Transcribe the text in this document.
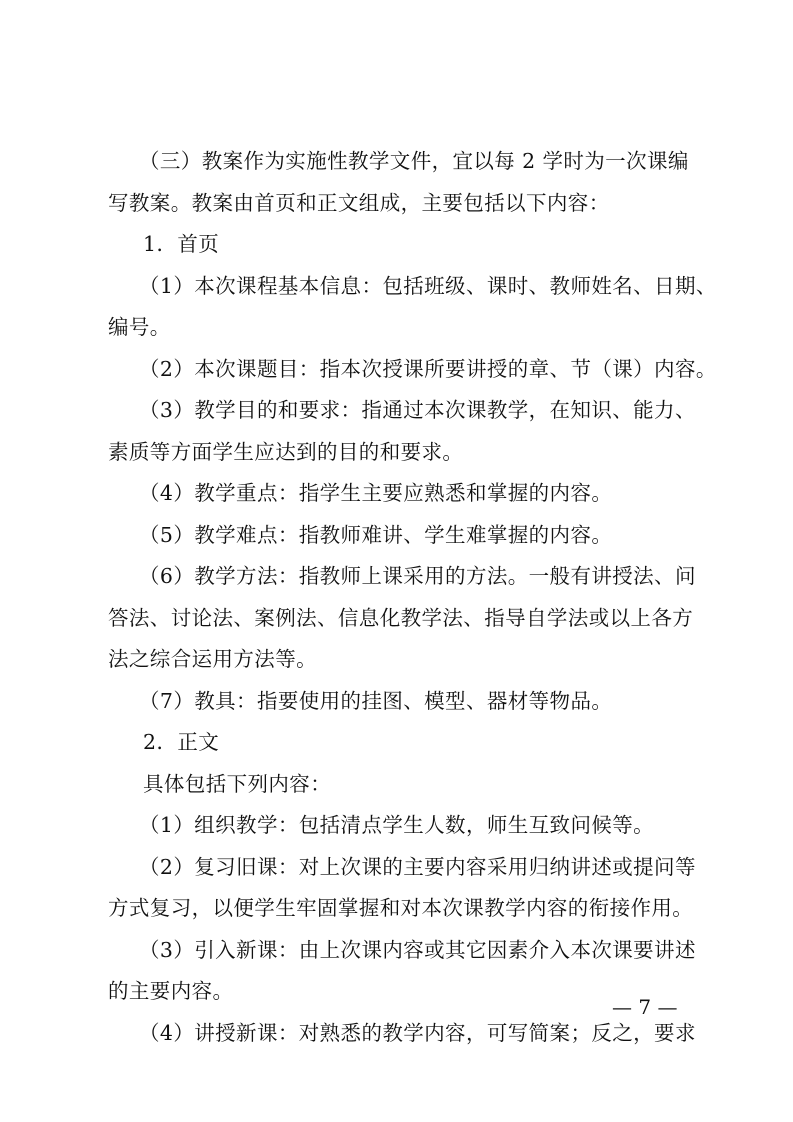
（三）教案作为实施性教学文件，宜以每 2 学时为一次课编
写教案。教案由首页和正文组成，主要包括以下内容：
1．首页
（1）本次课程基本信息：包括班级、课时、教师姓名、日期、
编号。
（2）本次课题目：指本次授课所要讲授的章、节（课）内容。
（3）教学目的和要求：指通过本次课教学，在知识、能力、
素质等方面学生应达到的目的和要求。
（4）教学重点：指学生主要应熟悉和掌握的内容。
（5）教学难点：指教师难讲、学生难掌握的内容。
（6）教学方法：指教师上课采用的方法。一般有讲授法、问
答法、讨论法、案例法、信息化教学法、指导自学法或以上各方
法之综合运用方法等。
（7）教具：指要使用的挂图、模型、器材等物品。
2．正文
具体包括下列内容：
（1）组织教学：包括清点学生人数，师生互致问候等。
（2）复习旧课：对上次课的主要内容采用归纳讲述或提问等
方式复习，以便学生牢固掌握和对本次课教学内容的衔接作用。
（3）引入新课：由上次课内容或其它因素介入本次课要讲述
的主要内容。
（4）讲授新课：对熟悉的教学内容，可写简案；反之，要求
— 7 —
